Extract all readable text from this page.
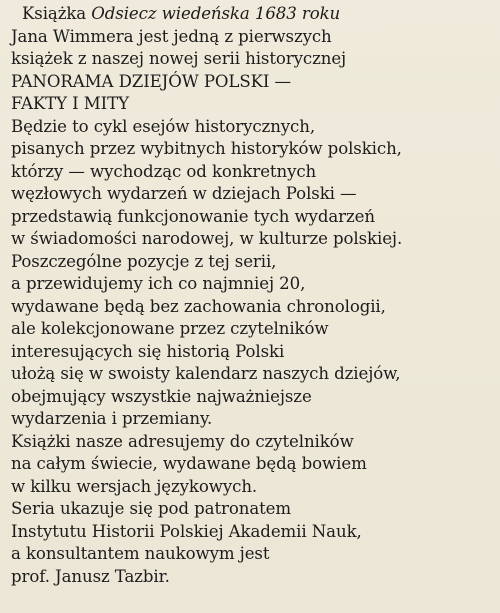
Książka Odsiecz wiedeńska 1683 roku
Jana Wimmera jest jedną z pierwszych
książek z naszej nowej serii historycznej
PANORAMA DZIEJÓW POLSKI —
FAKTY I MITY
Będzie to cykl esejów historycznych,
pisanych przez wybitnych historyków polskich,
którzy — wychodząc od konkretnych
węzłowych wydarzeń w dziejach Polski —
przedstawią funkcjonowanie tych wydarzeń
w świadomości narodowej, w kulturze polskiej.
Poszczególne pozycje z tej serii,
a przewidujemy ich co najmniej 20,
wydawane będą bez zachowania chronologii,
ale kolekcjonowane przez czytelników
interesujących się historią Polski
ułożą się w swoisty kalendarz naszych dziejów,
obejmujący wszystkie najważniejsze
wydarzenia i przemiany.
Książki nasze adresujemy do czytelników
na całym świecie, wydawane będą bowiem
w kilku wersjach językowych.
Seria ukazuje się pod patronatem
Instytutu Historii Polskiej Akademii Nauk,
a konsultantem naukowym jest
prof. Janusz Tazbir.
